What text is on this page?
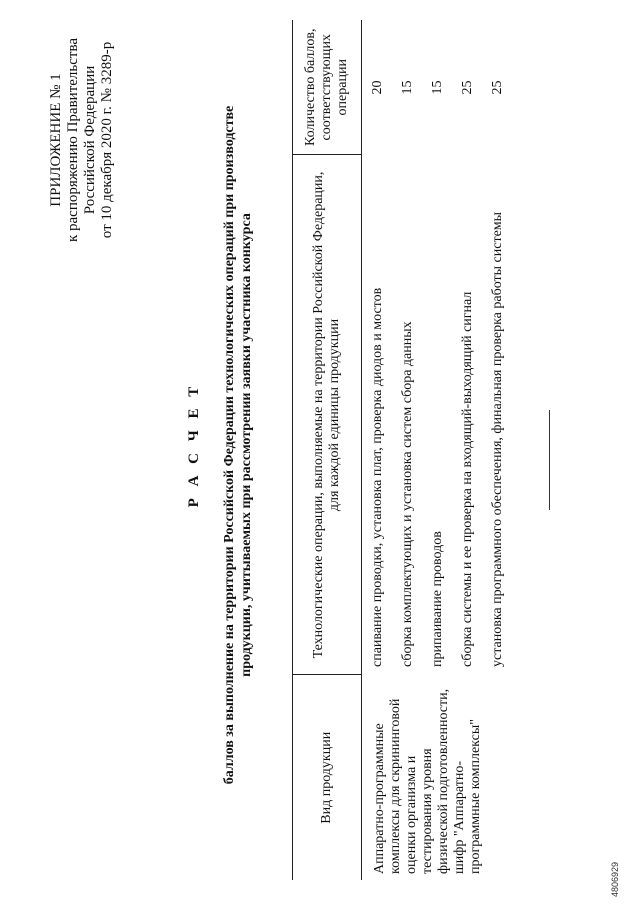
ПРИЛОЖЕНИЕ № 1 к распоряжению Правительства Российской Федерации от 10 декабря 2020 г. № 3289-р
Р А С Ч Е Т баллов за выполнение на территории Российской Федерации технологических операций при производстве продукции, учитываемых при рассмотрении заявки участника конкурса
Вид продукции	Технологические операции, выполняемые на территории Российской Федерации, для каждой единицы продукции	Количество баллов, соответствующих операции
Аппаратно-программные комплексы для скрининговой оценки организма и тестирования уровня физической подготовленности, шифр "Аппаратно-программные комплексы"	спаивание проводки, установка плат, проверка диодов и мостов	20
	сборка комплектующих и установка систем сбора данных	15
	припаивание проводов	15
	сборка системы и ее проверка на входящий-выходящий сигнал	25
	установка программного обеспечения, финальная проверка работы системы	25
4806929
